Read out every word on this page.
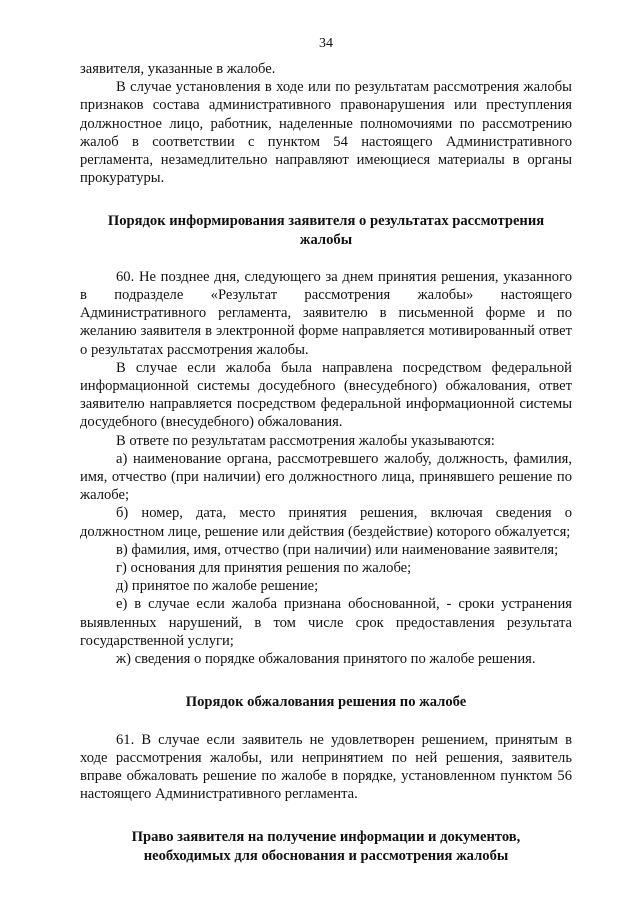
34

заявителя, указанные в жалобе.

В случае установления в ходе или по результатам рассмотрения жалобы признаков состава административного правонарушения или преступления должностное лицо, работник, наделенные полномочиями по рассмотрению жалоб в соответствии с пунктом 54 настоящего Административного регламента, незамедлительно направляют имеющиеся материалы в органы прокуратуры.

Порядок информирования заявителя о результатах рассмотрения жалобы

60. Не позднее дня, следующего за днем принятия решения, указанного в подразделе «Результат рассмотрения жалобы» настоящего Административного регламента, заявителю в письменной форме и по желанию заявителя в электронной форме направляется мотивированный ответ о результатах рассмотрения жалобы.

В случае если жалоба была направлена посредством федеральной информационной системы досудебного (внесудебного) обжалования, ответ заявителю направляется посредством федеральной информационной системы досудебного (внесудебного) обжалования.

В ответе по результатам рассмотрения жалобы указываются:

а) наименование органа, рассмотревшего жалобу, должность, фамилия, имя, отчество (при наличии) его должностного лица, принявшего решение по жалобе;

б) номер, дата, место принятия решения, включая сведения о должностном лице, решение или действия (бездействие) которого обжалуется;

в) фамилия, имя, отчество (при наличии) или наименование заявителя;

г) основания для принятия решения по жалобе;

д) принятое по жалобе решение;

е) в случае если жалоба признана обоснованной, - сроки устранения выявленных нарушений, в том числе срок предоставления результата государственной услуги;

ж) сведения о порядке обжалования принятого по жалобе решения.

Порядок обжалования решения по жалобе

61. В случае если заявитель не удовлетворен решением, принятым в ходе рассмотрения жалобы, или непринятием по ней решения, заявитель вправе обжаловать решение по жалобе в порядке, установленном пунктом 56 настоящего Административного регламента.

Право заявителя на получение информации и документов, необходимых для обоснования и рассмотрения жалобы
